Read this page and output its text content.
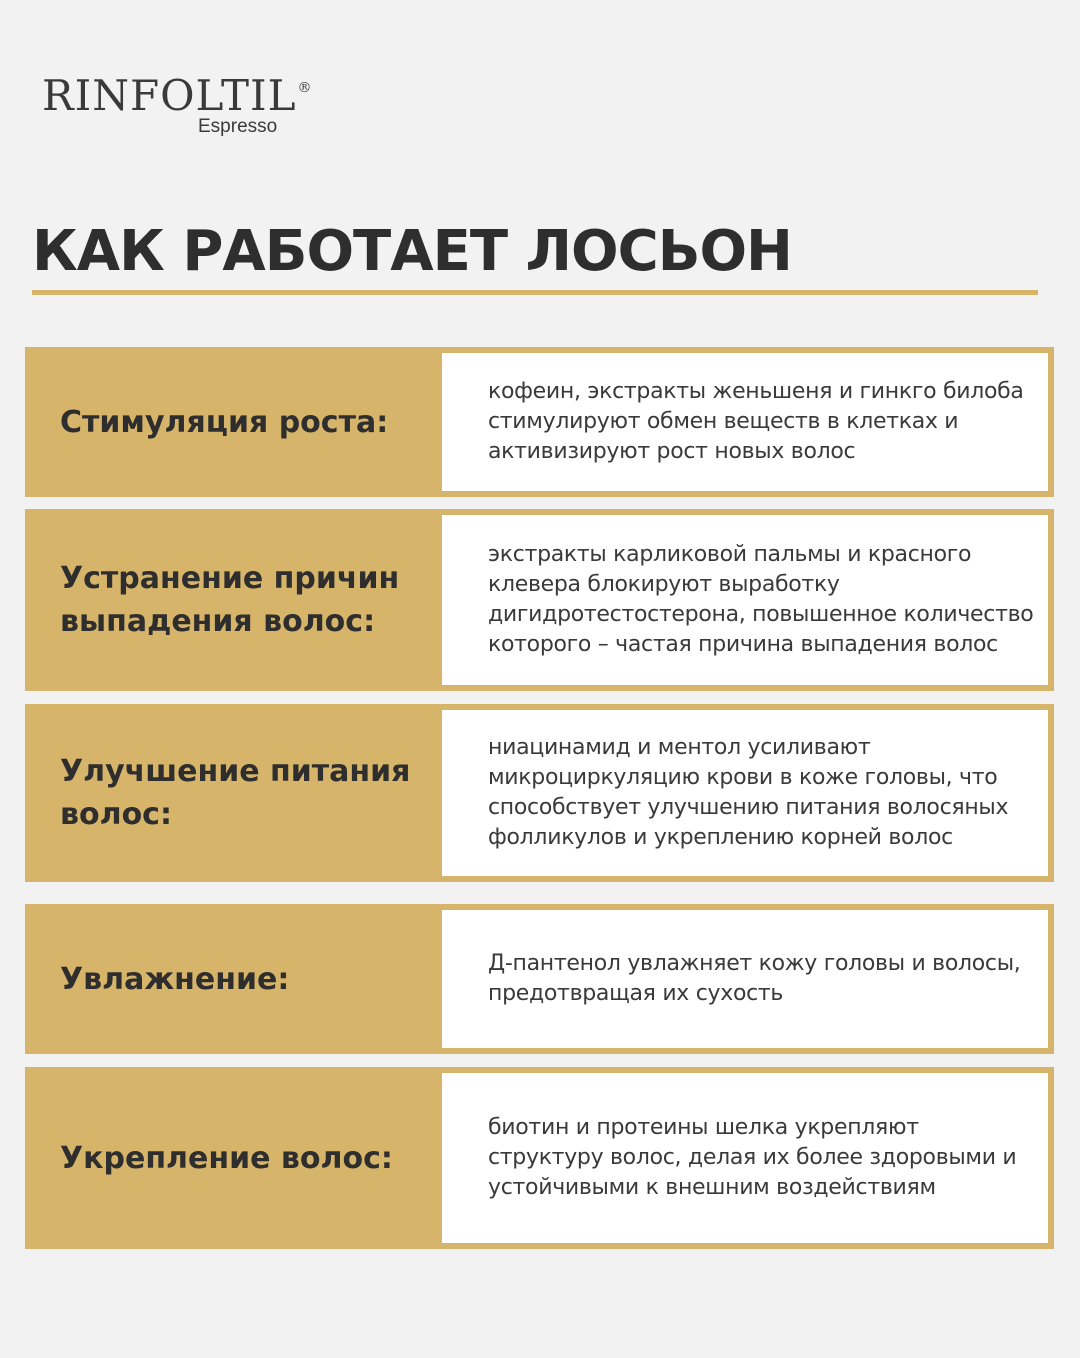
RINFOLTIL®
Espresso
КАК РАБОТАЕТ ЛОСЬОН
Стимуляция роста:
кофеин, экстракты женьшеня и гинкго билоба стимулируют обмен веществ в клетках и активизируют рост новых волос
Устранение причин выпадения волос:
экстракты карликовой пальмы и красного клевера блокируют выработку дигидротестостерона, повышенное количество которого – частая причина выпадения волос
Улучшение питания волос:
ниацинамид и ментол усиливают микроциркуляцию крови в коже головы, что способствует улучшению питания волосяных фолликулов и укреплению корней волос
Увлажнение:	Д-пантенол увлажняет кожу головы и волосы, предотвращая их сухость
Укрепление волос:
биотин и протеины шелка укрепляют структуру волос, делая их более здоровыми и устойчивыми к внешним воздействиям
